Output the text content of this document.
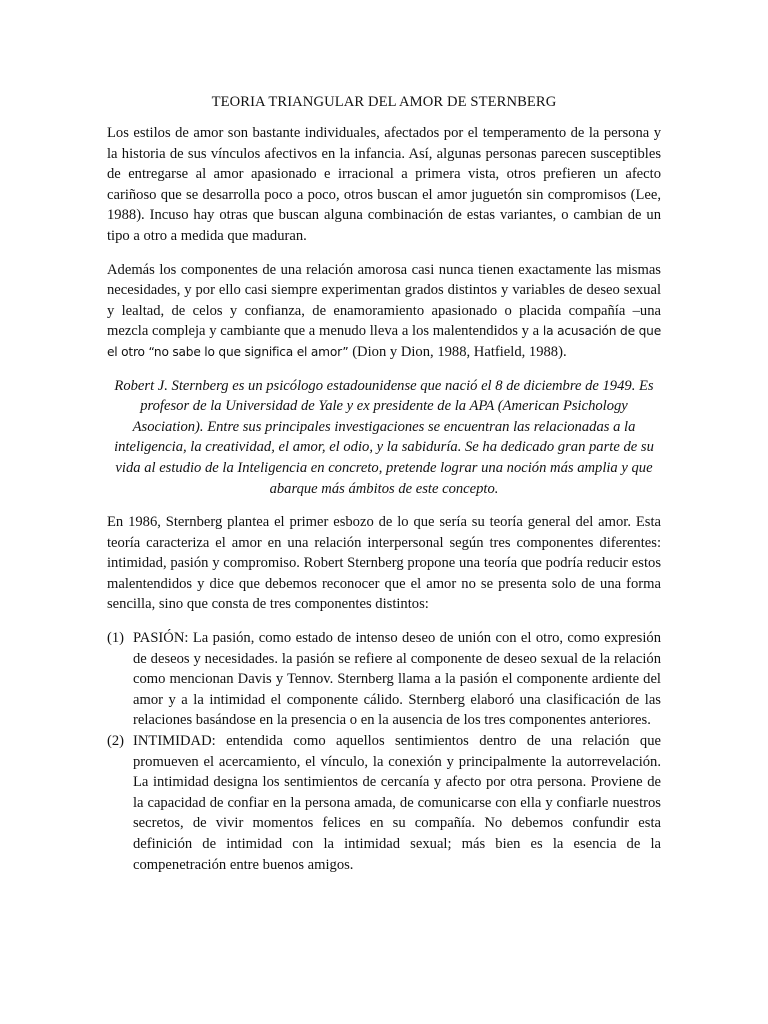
TEORIA TRIANGULAR DEL AMOR DE STERNBERG

Los estilos de amor son bastante individuales, afectados por el temperamento de la persona y la historia de sus vínculos afectivos en la infancia. Así, algunas personas parecen susceptibles de entregarse al amor apasionado e irracional a primera vista, otros prefieren un afecto cariñoso que se desarrolla poco a poco, otros buscan el amor juguetón sin compromisos (Lee, 1988). Incuso hay otras que buscan alguna combinación de estas variantes, o cambian de un tipo a otro a medida que maduran.

Además los componentes de una relación amorosa casi nunca tienen exactamente las mismas necesidades, y por ello casi siempre experimentan grados distintos y variables de deseo sexual y lealtad, de celos y confianza, de enamoramiento apasionado o placida compañía –una mezcla compleja y cambiante que a menudo lleva a los malentendidos y a la acusación de que el otro “no sabe lo que significa el amor” (Dion y Dion, 1988, Hatfield, 1988).

Robert J. Sternberg es un psicólogo estadounidense que nació el 8 de diciembre de 1949. Es profesor de la Universidad de Yale y ex presidente de la APA (American Psichology Asociation). Entre sus principales investigaciones se encuentran las relacionadas a la inteligencia, la creatividad, el amor, el odio, y la sabiduría. Se ha dedicado gran parte de su vida al estudio de la Inteligencia en concreto, pretende lograr una noción más amplia y que abarque más ámbitos de este concepto.

En 1986, Sternberg plantea el primer esbozo de lo que sería su teoría general del amor. Esta teoría caracteriza el amor en una relación interpersonal según tres componentes diferentes: intimidad, pasión y compromiso. Robert Sternberg propone una teoría que podría reducir estos malentendidos y dice que debemos reconocer que el amor no se presenta solo de una forma sencilla, sino que consta de tres componentes distintos:

(1) PASIÓN: La pasión, como estado de intenso deseo de unión con el otro, como expresión de deseos y necesidades. la pasión se refiere al componente de deseo sexual de la relación como mencionan Davis y Tennov. Sternberg llama a la pasión el componente ardiente del amor y a la intimidad el componente cálido. Sternberg elaboró una clasificación de las relaciones basándose en la presencia o en la ausencia de los tres componentes anteriores.
(2) INTIMIDAD: entendida como aquellos sentimientos dentro de una relación que promueven el acercamiento, el vínculo, la conexión y principalmente la autorrevelación. La intimidad designa los sentimientos de cercanía y afecto por otra persona. Proviene de la capacidad de confiar en la persona amada, de comunicarse con ella y confiarle nuestros secretos, de vivir momentos felices en su compañía. No debemos confundir esta definición de intimidad con la intimidad sexual; más bien es la esencia de la compenetración entre buenos amigos.
